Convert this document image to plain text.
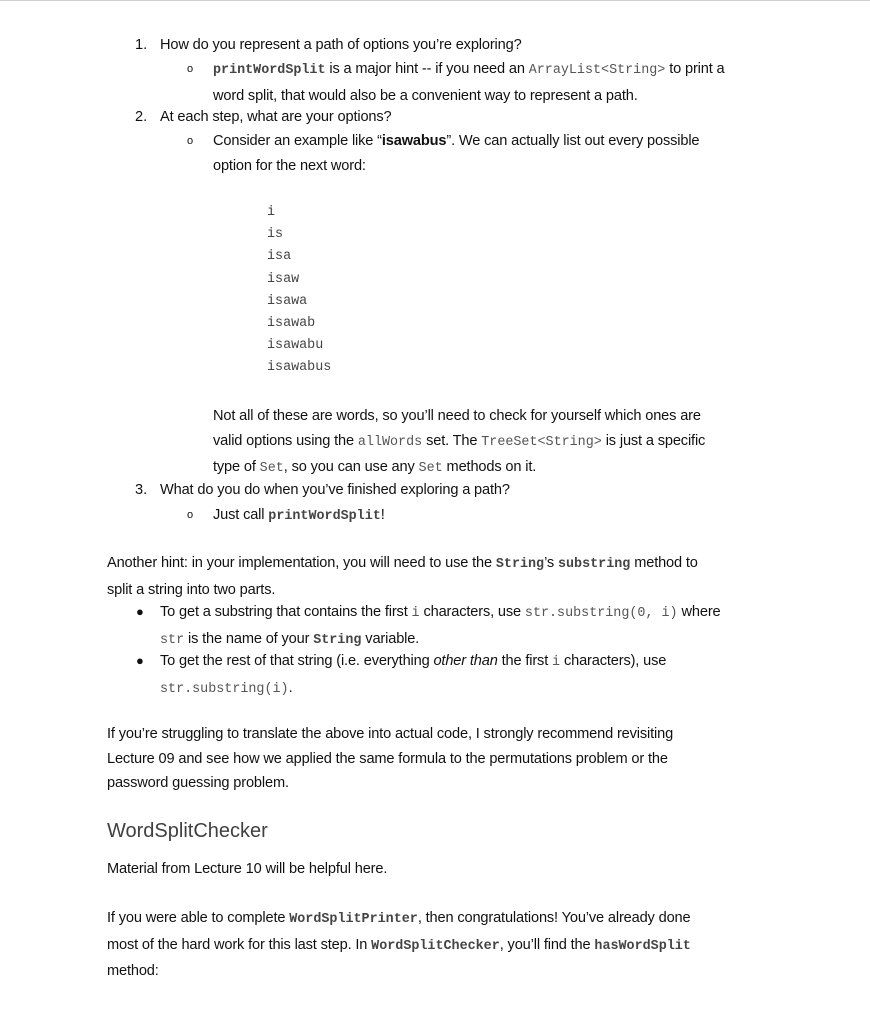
1. How do you represent a path of options you’re exploring?
o printWordSplit is a major hint -- if you need an ArrayList<String> to print a
word split, that would also be a convenient way to represent a path.
2. At each step, what are your options?
o Consider an example like “isawabus”. We can actually list out every possible
option for the next word:
Not all of these are words, so you’ll need to check for yourself which ones are
valid options using the allWords set. The TreeSet<String> is just a specific
type of Set, so you can use any Set methods on it.
3. What do you do when you’ve finished exploring a path?
o Just call printWordSplit!
Another hint: in your implementation, you will need to use the String’s substring method to
split a string into two parts.
● To get a substring that contains the first i characters, use str.substring(0, i) where
str is the name of your String variable.
● To get the rest of that string (i.e. everything other than the first i characters), use
str.substring(i).
If you’re struggling to translate the above into actual code, I strongly recommend revisiting
Lecture 09 and see how we applied the same formula to the permutations problem or the
password guessing problem.
Material from Lecture 10 will be helpful here.
If you were able to complete WordSplitPrinter, then congratulations! You’ve already done
most of the hard work for this last step. In WordSplitChecker, you’ll find the hasWordSplit
method:
i
is
isa
isaw
isawa
isawab
isawabu
isawabus
WordSplitChecker
